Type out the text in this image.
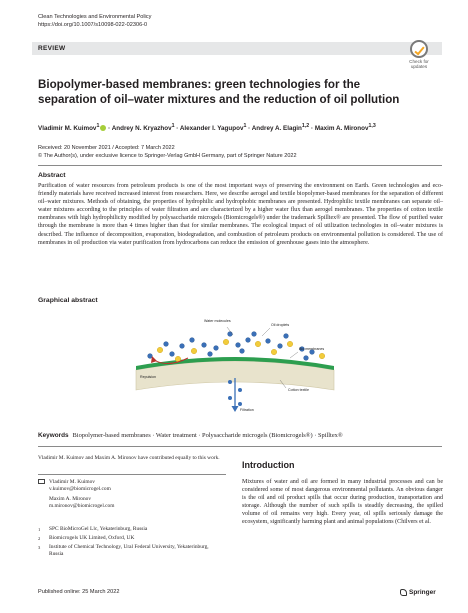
Clean Technologies and Environmental Policy
https://doi.org/10.1007/s10098-022-02306-0
REVIEW
Check for updates
Biopolymer-based membranes: green technologies for the separation of oil–water mixtures and the reduction of oil pollution
Vladimir M. Kuimov$^1$ · Andrey N. Kryazhov$^1$ · Alexander I. Yagupov$^1$ · Andrey A. Elagin$^{1,2}$ · Maxim A. Mironov$^{1,3}$
Received: 20 November 2021 / Accepted: 7 March 2022
© The Author(s), under exclusive licence to Springer-Verlag GmbH Germany, part of Springer Nature 2022
Abstract

Purification of water resources from petroleum products is one of the most important ways of preserving the environment on Earth. Green technologies and eco-friendly materials have received increased interest from researchers. Here, we describe aerogel and textile biopolymer-based membranes for the separation of different oil–water mixtures. Methods of obtaining, the properties of hydrophilic and hydrophobic membranes are presented. Hydrophilic textile membranes can separate oil–water mixtures according to the principles of water filtration and are characterized by a higher water flux than aerogel membranes. The properties of cotton textile membranes with high hydrophilicity modified by polysaccharide microgels (Biomicrogels®) under the trademark Spilltex® are presented. The flow of purified water through the membrane is more than 4 times higher than that for similar membranes. The ecological impact of oil utilization technologies in oil–water mixtures is described. The influence of decomposition, evaporation, biodegradation, and combustion of petroleum products on environmental pollution is considered. The use of membranes in oil production via water purification from hydrocarbons can reduce the emission of greenhouse gases into the atmosphere.

Graphical abstract
Water molecules
Oil droplets
Bio membranes
Repulsion
Cotton textile
Filtration
Keywords Biopolymer-based membranes · Water treatment · Polysaccharide microgels (Biomicrogels®) · Spilltex®
Vladimir M. Kuimov and Maxim A. Mironov have contributed equally to this work.
Vladimir M. Kuimov
v.kuimov@biomicrogel.com
Maxim A. Mironov
m.mironov@biomicrogel.com
1	SPC BioMicroGel Llc, Yekaterinburg, Russia
2	Biomicrogels UK Limited, Oxford, UK
3	Institute of Chemical Technology, Ural Federal University, Yekaterinburg, Russia
Introduction

Mixtures of water and oil are formed in many industrial processes and can be considered some of most dangerous environmental pollutants. An obvious danger is the oil and oil product spills that occur during production, transportation and storage. Although the number of such spills is steadily decreasing, the spilled volume of oil remains very high. Every year, oil spills seriously damage the ecosystem, significantly harming plant and animal populations (Chilvers et al.

Published online: 25 March 2022	Springer
